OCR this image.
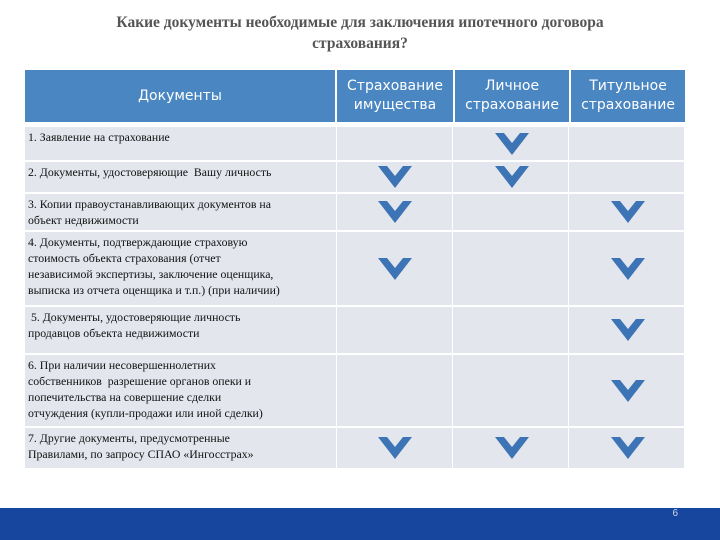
Какие документы необходимые для заключения ипотечного договора
страхования?
Документы
Страхование
имущества
Личное
страхование
Титульное
страхование
1. Заявление на страхование
2. Документы, удостоверяющие  Вашу личность
3. Копии правоустанавливающих документов на
объект недвижимости
4. Документы, подтверждающие страховую
стоимость объекта страхования (отчет
независимой экспертизы, заключение оценщика,
выписка из отчета оценщика и т.п.) (при наличии)
5. Документы, удостоверяющие личность
продавцов объекта недвижимости
6. При наличии несовершеннолетних
собственников  разрешение органов опеки и
попечительства на совершение сделки
отчуждения (купли-продажи или иной сделки)
7. Другие документы, предусмотренные
Правилами, по запросу СПАО «Ингосстрах»
6
